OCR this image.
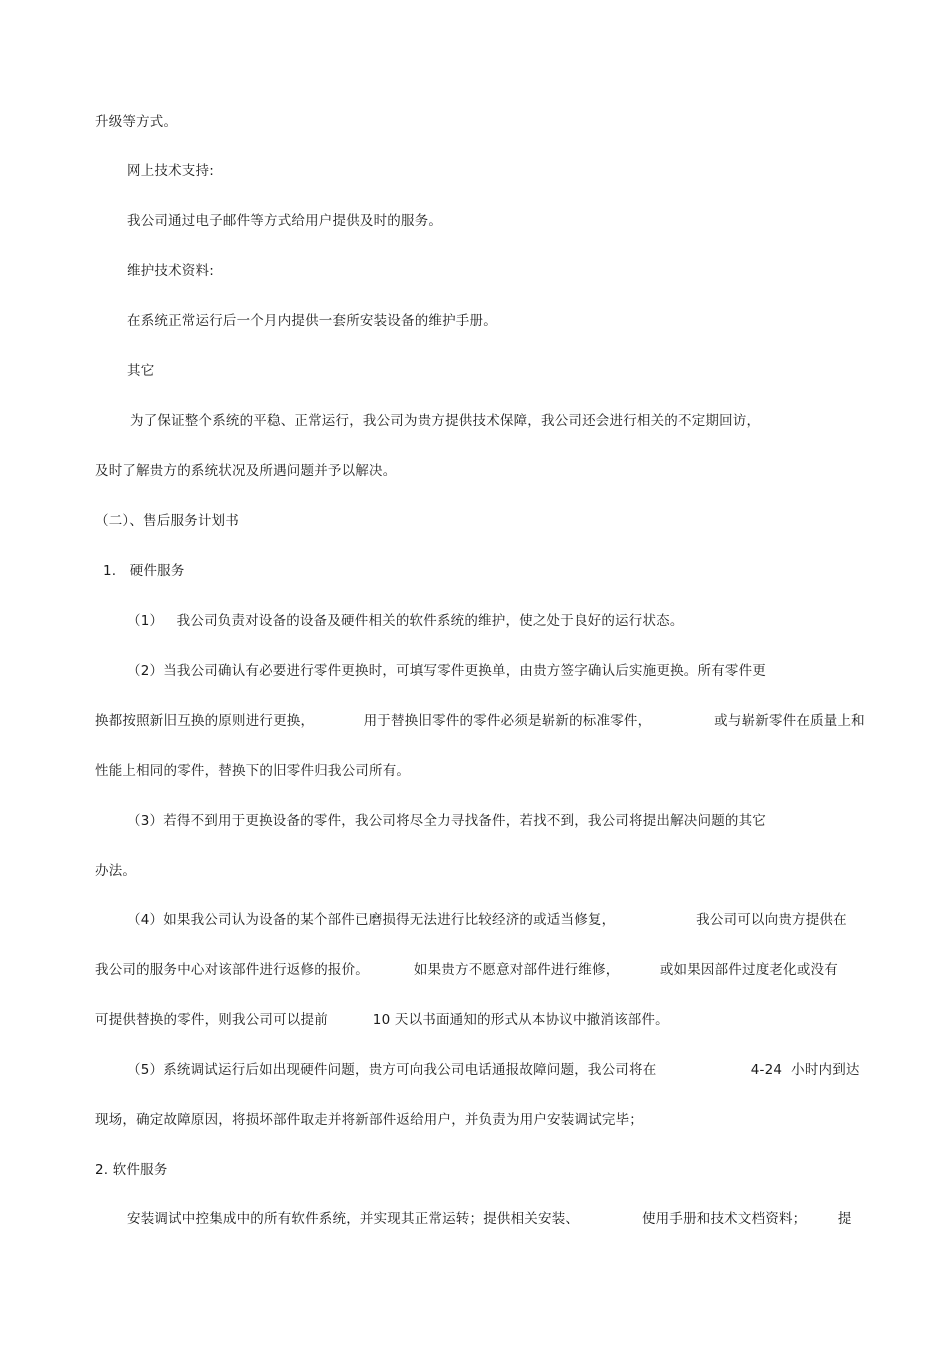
升级等方式。
网上技术支持:
我公司通过电子邮件等方式给用户提供及时的服务。
维护技术资料:
在系统正常运行后一个月内提供一套所安装设备的维护手册。
其它
为了保证整个系统的平稳、正常运行，我公司为贵方提供技术保障，我公司还会进行相关的不定期回访，
及时了解贵方的系统状况及所遇问题并予以解决。
（二）、售后服务计划书
1.   硬件服务
（1）   我公司负责对设备的设备及硬件相关的软件系统的维护，使之处于良好的运行状态。
（2）当我公司确认有必要进行零件更换时，可填写零件更换单，由贵方签字确认后实施更换。所有零件更
换都按照新旧互换的原则进行更换，           用于替换旧零件的零件必须是崭新的标准零件，              或与崭新零件在质量上和
性能上相同的零件，替换下的旧零件归我公司所有。
（3）若得不到用于更换设备的零件，我公司将尽全力寻找备件，若找不到，我公司将提出解决问题的其它
办法。
（4）如果我公司认为设备的某个部件已磨损得无法进行比较经济的或适当修复，                  我公司可以向贵方提供在
我公司的服务中心对该部件进行返修的报价。          如果贵方不愿意对部件进行维修，         或如果因部件过度老化或没有
可提供替换的零件，则我公司可以提前          10 天以书面通知的形式从本协议中撤消该部件。
（5）系统调试运行后如出现硬件问题，贵方可向我公司电话通报故障问题，我公司将在                     4-24  小时内到达
现场，确定故障原因，将损坏部件取走并将新部件返给用户，并负责为用户安装调试完毕；
2. 软件服务
安装调试中控集成中的所有软件系统，并实现其正常运转；提供相关安装、              使用手册和技术文档资料；       提
